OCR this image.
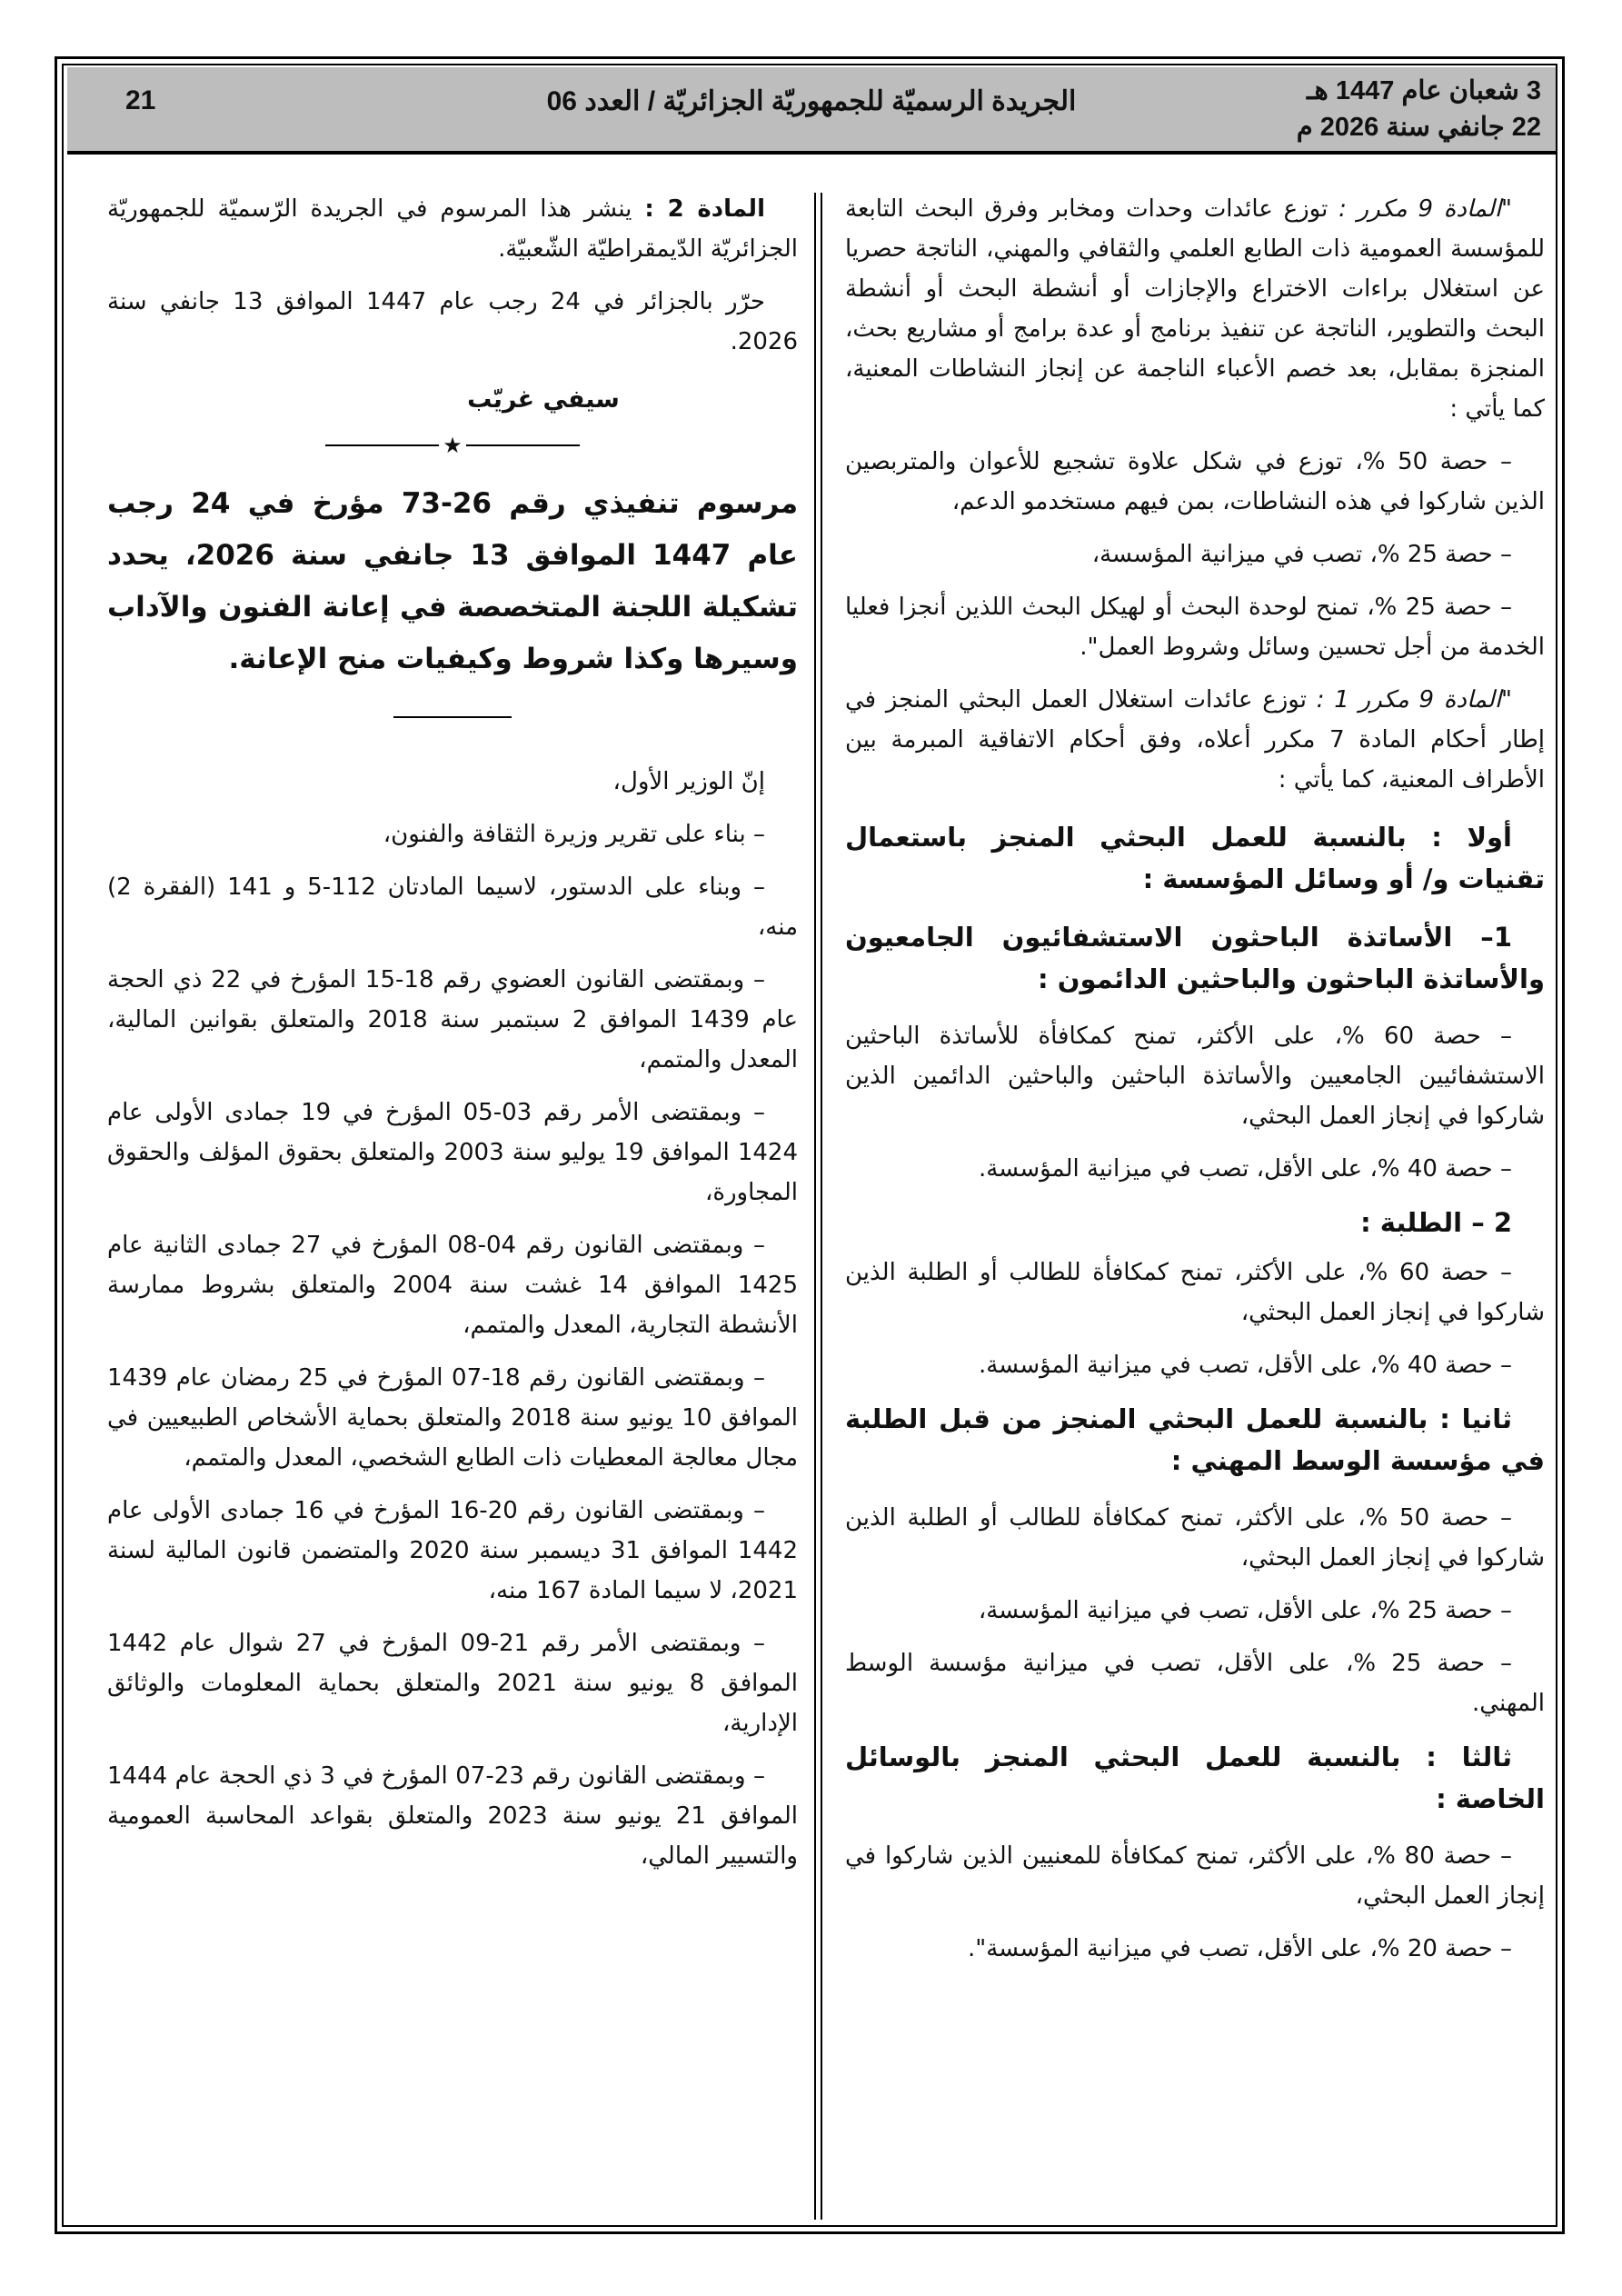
3 شعبان عام 1447 هـ
22 جانفي سنة 2026 م
الجريدة الرسميّة للجمهوريّة الجزائريّة / العدد 06
21

"المادة 9 مكرر : توزع عائدات وحدات ومخابر وفرق البحث التابعة للمؤسسة العمومية ذات الطابع العلمي والثقافي والمهني، الناتجة حصريا عن استغلال براءات الاختراع والإجازات أو أنشطة البحث أو أنشطة البحث والتطوير، الناتجة عن تنفيذ برنامج أو عدة برامج أو مشاريع بحث، المنجزة بمقابل، بعد خصم الأعباء الناجمة عن إنجاز النشاطات المعنية، كما يأتي :

– حصة 50 %، توزع في شكل علاوة تشجيع للأعوان والمتربصين الذين شاركوا في هذه النشاطات، بمن فيهم مستخدمو الدعم،

– حصة 25 %، تصب في ميزانية المؤسسة،

– حصة 25 %، تمنح لوحدة البحث أو لهيكل البحث اللذين أنجزا فعليا الخدمة من أجل تحسين وسائل وشروط العمل".

"المادة 9 مكرر 1 : توزع عائدات استغلال العمل البحثي المنجز في إطار أحكام المادة 7 مكرر أعلاه، وفق أحكام الاتفاقية المبرمة بين الأطراف المعنية، كما يأتي :

أولا : بالنسبة للعمل البحثي المنجز باستعمال تقنيات و/ أو وسائل المؤسسة :

1– الأساتذة الباحثون الاستشفائيون الجامعيون والأساتذة الباحثون والباحثين الدائمون :

– حصة 60 %، على الأكثر، تمنح كمكافأة للأساتذة الباحثين الاستشفائيين الجامعيين والأساتذة الباحثين والباحثين الدائمين الذين شاركوا في إنجاز العمل البحثي،

– حصة 40 %، على الأقل، تصب في ميزانية المؤسسة.

2 – الطلبة :

– حصة 60 %، على الأكثر، تمنح كمكافأة للطالب أو الطلبة الذين شاركوا في إنجاز العمل البحثي،

– حصة 40 %، على الأقل، تصب في ميزانية المؤسسة.

ثانيا : بالنسبة للعمل البحثي المنجز من قبل الطلبة في مؤسسة الوسط المهني :

– حصة 50 %، على الأكثر، تمنح كمكافأة للطالب أو الطلبة الذين شاركوا في إنجاز العمل البحثي،

– حصة 25 %، على الأقل، تصب في ميزانية المؤسسة،

– حصة 25 %، على الأقل، تصب في ميزانية مؤسسة الوسط المهني.

ثالثا : بالنسبة للعمل البحثي المنجز بالوسائل الخاصة :

– حصة 80 %، على الأكثر، تمنح كمكافأة للمعنيين الذين شاركوا في إنجاز العمل البحثي،

– حصة 20 %، على الأقل، تصب في ميزانية المؤسسة".

المادة 2 : ينشر هذا المرسوم في الجريدة الرّسميّة للجمهوريّة الجزائريّة الدّيمقراطيّة الشّعبيّة.

حرّر بالجزائر في 24 رجب عام 1447 الموافق 13 جانفي سنة 2026.

سيفي غريّب
★

مرسوم تنفيذي رقم 26-73 مؤرخ في 24 رجب عام 1447 الموافق 13 جانفي سنة 2026، يحدد تشكيلة اللجنة المتخصصة في إعانة الفنون والآداب وسيرها وكذا شروط وكيفيات منح الإعانة.

إنّ الوزير الأول،

– بناء على تقرير وزيرة الثقافة والفنون،

– وبناء على الدستور، لاسيما المادتان 112-5 و 141 (الفقرة 2) منه،

– وبمقتضى القانون العضوي رقم 18-15 المؤرخ في 22 ذي الحجة عام 1439 الموافق 2 سبتمبر سنة 2018 والمتعلق بقوانين المالية، المعدل والمتمم،

– وبمقتضى الأمر رقم 03-05 المؤرخ في 19 جمادى الأولى عام 1424 الموافق 19 يوليو سنة 2003 والمتعلق بحقوق المؤلف والحقوق المجاورة،

– وبمقتضى القانون رقم 04-08 المؤرخ في 27 جمادى الثانية عام 1425 الموافق 14 غشت سنة 2004 والمتعلق بشروط ممارسة الأنشطة التجارية، المعدل والمتمم،

– وبمقتضى القانون رقم 18-07 المؤرخ في 25 رمضان عام 1439 الموافق 10 يونيو سنة 2018 والمتعلق بحماية الأشخاص الطبيعيين في مجال معالجة المعطيات ذات الطابع الشخصي، المعدل والمتمم،

– وبمقتضى القانون رقم 20-16 المؤرخ في 16 جمادى الأولى عام 1442 الموافق 31 ديسمبر سنة 2020 والمتضمن قانون المالية لسنة 2021، لا سيما المادة 167 منه،

– وبمقتضى الأمر رقم 21-09 المؤرخ في 27 شوال عام 1442 الموافق 8 يونيو سنة 2021 والمتعلق بحماية المعلومات والوثائق الإدارية،

– وبمقتضى القانون رقم 23-07 المؤرخ في 3 ذي الحجة عام 1444 الموافق 21 يونيو سنة 2023 والمتعلق بقواعد المحاسبة العمومية والتسيير المالي،
